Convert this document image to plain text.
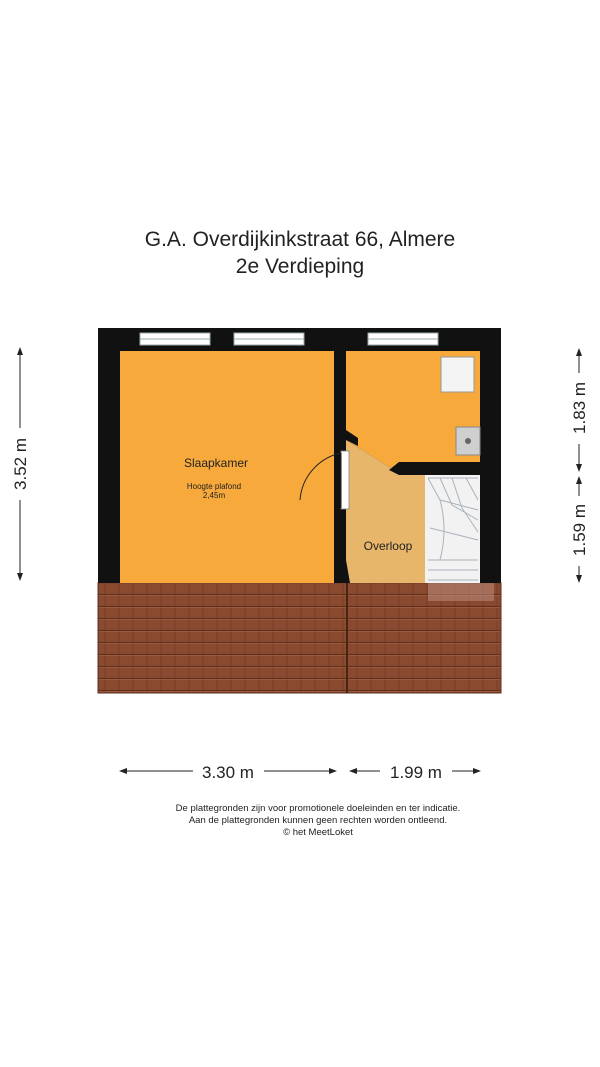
G.A. Overdijkinkstraat 66, Almere
2e Verdieping
Slaapkamer
Hoogte plafond
2,45m
Overloop
3.30 m	1.99 m
3.52 m
1.83 m
1.59 m
De plattegronden zijn voor promotionele doeleinden en ter indicatie.
Aan de plattegronden kunnen geen rechten worden ontleend.
© het MeetLoket
